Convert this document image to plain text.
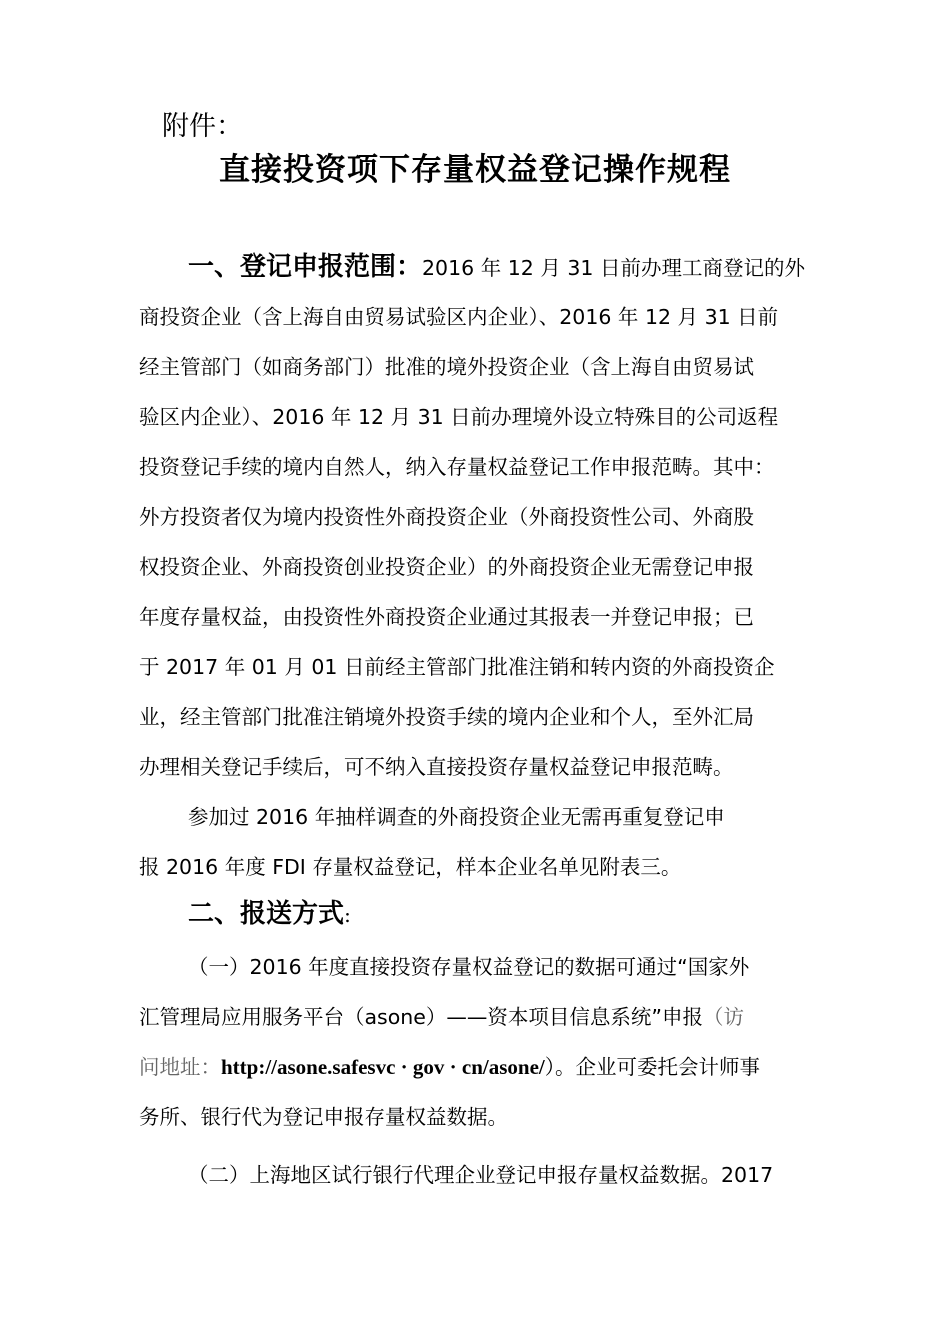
附件：
直接投资项下存量权益登记操作规程
一、登记申报范围：2016 年 12 月 31 日前办理工商登记的外
商投资企业（含上海自由贸易试验区内企业）、2016 年 12 月 31 日前
经主管部门（如商务部门）批准的境外投资企业（含上海自由贸易试
验区内企业）、2016 年 12 月 31 日前办理境外设立特殊目的公司返程
投资登记手续的境内自然人，纳入存量权益登记工作申报范畴。其中：
外方投资者仅为境内投资性外商投资企业（外商投资性公司、外商股
权投资企业、外商投资创业投资企业）的外商投资企业无需登记申报
年度存量权益，由投资性外商投资企业通过其报表一并登记申报；已
于 2017 年 01 月 01 日前经主管部门批准注销和转内资的外商投资企
业，经主管部门批准注销境外投资手续的境内企业和个人，至外汇局
办理相关登记手续后，可不纳入直接投资存量权益登记申报范畴。
参加过 2016 年抽样调查的外商投资企业无需再重复登记申
报 2016 年度 FDI 存量权益登记，样本企业名单见附表三。
二、报送方式:
（一）2016 年度直接投资存量权益登记的数据可通过“国家外
汇管理局应用服务平台（asone）——资本项目信息系统”申报（访
问地址：http://asone.safesvc · gov · cn/asone/）。企业可委托会计师事
务所、银行代为登记申报存量权益数据。
（二）上海地区试行银行代理企业登记申报存量权益数据。2017
